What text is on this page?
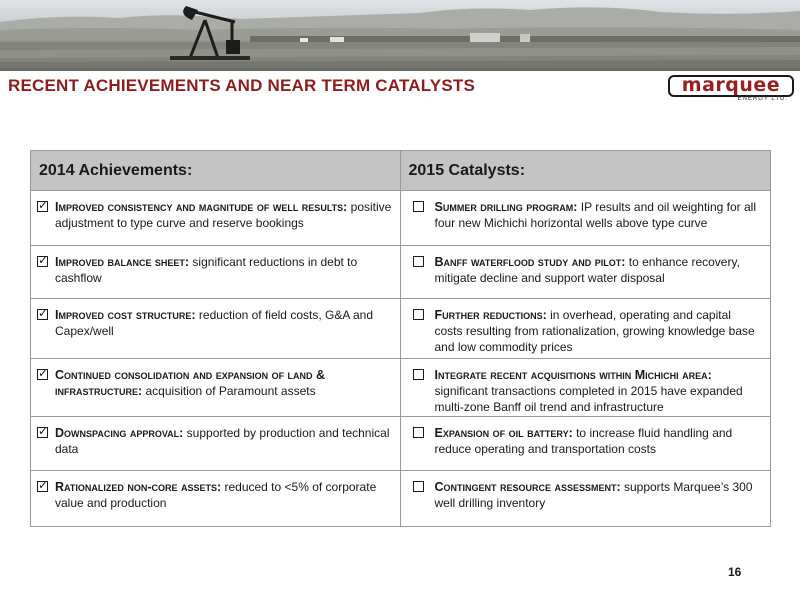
RECENT ACHIEVEMENTS AND NEAR TERM CATALYSTS	marquee
ENERGY LTD.
2014 Achievements:	2015 Catalysts:

✓ Improved consistency and magnitude of well results: positive adjustment to type curve and reserve bookings	Summer drilling program: IP results and oil weighting for all four new Michichi horizontal wells above type curve

✓ Improved balance sheet: significant reductions in debt to cashflow	Banff waterflood study and pilot: to enhance recovery, mitigate decline and support water disposal

✓ Improved cost structure: reduction of field costs, G&A and Capex/well	Further reductions: in overhead, operating and capital costs resulting from rationalization, growing knowledge base and low commodity prices

✓ Continued consolidation and expansion of land & infrastructure: acquisition of Paramount assets	Integrate recent acquisitions within Michichi area: significant transactions completed in 2015 have expanded multi-zone Banff oil trend and infrastructure

✓ Downspacing approval: supported by production and technical data	Expansion of oil battery: to increase fluid handling and reduce operating and transportation costs

✓ Rationalized non-core assets: reduced to <5% of corporate value and production	Contingent resource assessment: supports Marquee’s 300 well drilling inventory
16
